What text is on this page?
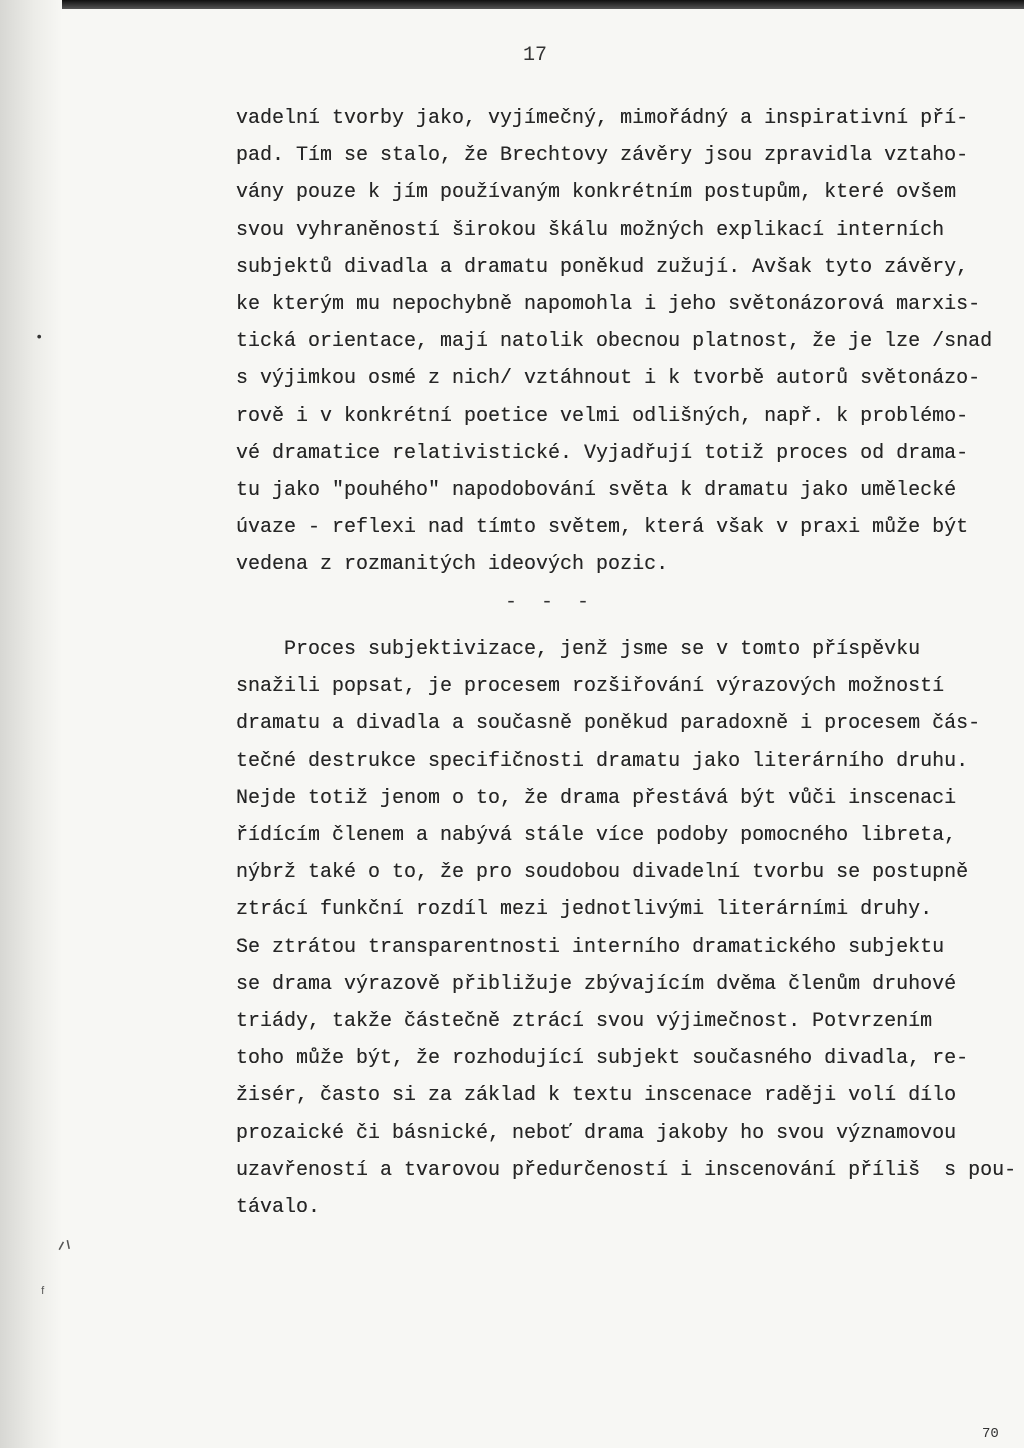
17

vadelní tvorby jako, vyjímečný, mimořádný a inspirativní pří-

pad. Tím se stalo, že Brechtovy závěry jsou zpravidla vztaho-

vány pouze k jím používaným konkrétním postupům, které ovšem

svou vyhraněností širokou škálu možných explikací interních

subjektů divadla a dramatu poněkud zužují. Avšak tyto závěry,

ke kterým mu nepochybně napomohla i jeho světonázorová marxis-

tická orientace, mají natolik obecnou platnost, že je lze /snad

s výjimkou osmé z nich/ vztáhnout i k tvorbě autorů světonázo-

rově i v konkrétní poetice velmi odlišných, např. k problémo-

vé dramatice relativistické. Vyjadřují totiž proces od drama-

tu jako "pouhého" napodobování světa k dramatu jako umělecké

úvaze - reflexi nad tímto světem, která však v praxi může být

vedena z rozmanitých ideových pozic.

- - -

Proces subjektivizace, jenž jsme se v tomto příspěvku

snažili popsat, je procesem rozšiřování výrazových možností

dramatu a divadla a současně poněkud paradoxně i procesem čás-

tečné destrukce specifičnosti dramatu jako literárního druhu.

Nejde totiž jenom o to, že drama přestává být vůči inscenaci

řídícím členem a nabývá stále více podoby pomocného libreta,

nýbrž také o to, že pro soudobou divadelní tvorbu se postupně

ztrácí funkční rozdíl mezi jednotlivými literárními druhy.

Se ztrátou transparentnosti interního dramatického subjektu

se drama výrazově přibližuje zbývajícím dvěma členům druhové

triády, takže částečně ztrácí svou výjimečnost. Potvrzením

toho může být, že rozhodující subjekt současného divadla, re-

žisér, často si za základ k textu inscenace raději volí dílo

prozaické či básnické, neboť drama jakoby ho svou významovou

uzavřeností a tvarovou předurčeností i inscenování příliš  s pou-

távalo.

•
ᐟᑊ
ᶠ
70
